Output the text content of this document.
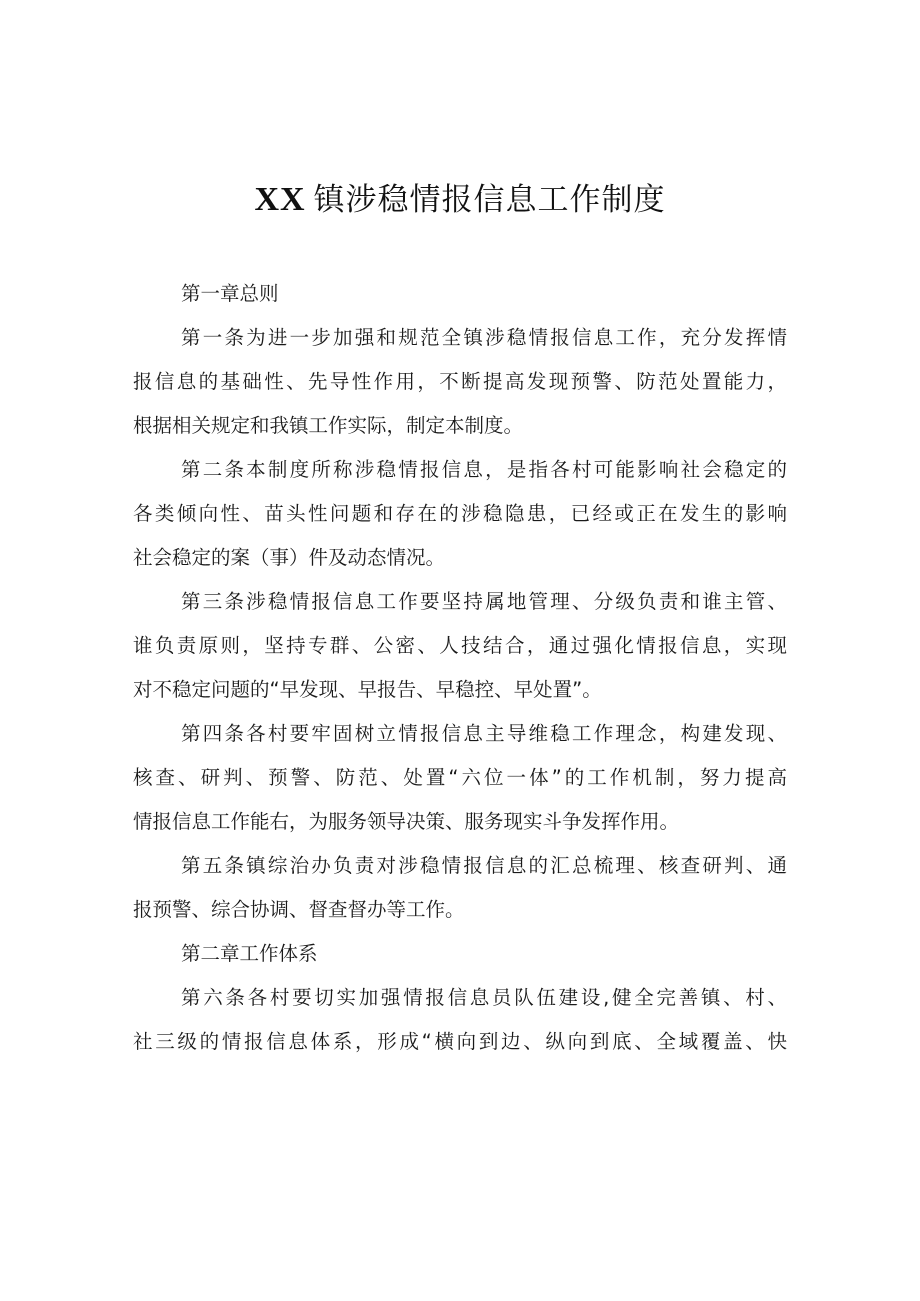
XX 镇涉稳情报信息工作制度
第一章总则
第一条为进一步加强和规范全镇涉稳情报信息工作，充分发挥情
报信息的基础性、先导性作用，不断提高发现预警、防范处置能力，
根据相关规定和我镇工作实际，制定本制度。
第二条本制度所称涉稳情报信息，是指各村可能影响社会稳定的
各类倾向性、苗头性问题和存在的涉稳隐患，已经或正在发生的影响
社会稳定的案（事）件及动态情况。
第三条涉稳情报信息工作要坚持属地管理、分级负责和谁主管、
谁负责原则，坚持专群、公密、人技结合，通过强化情报信息，实现
对不稳定问题的“早发现、早报告、早稳控、早处置”。
第四条各村要牢固树立情报信息主导维稳工作理念，构建发现、
核查、研判、预警、防范、处置“六位一体”的工作机制，努力提高
情报信息工作能右，为服务领导决策、服务现实斗争发挥作用。
第五条镇综治办负责对涉稳情报信息的汇总梳理、核查研判、通
报预警、综合协调、督查督办等工作。
第二章工作体系
第六条各村要切实加强情报信息员队伍建设,健全完善镇、村、
社三级的情报信息体系，形成“横向到边、纵向到底、全域覆盖、快
